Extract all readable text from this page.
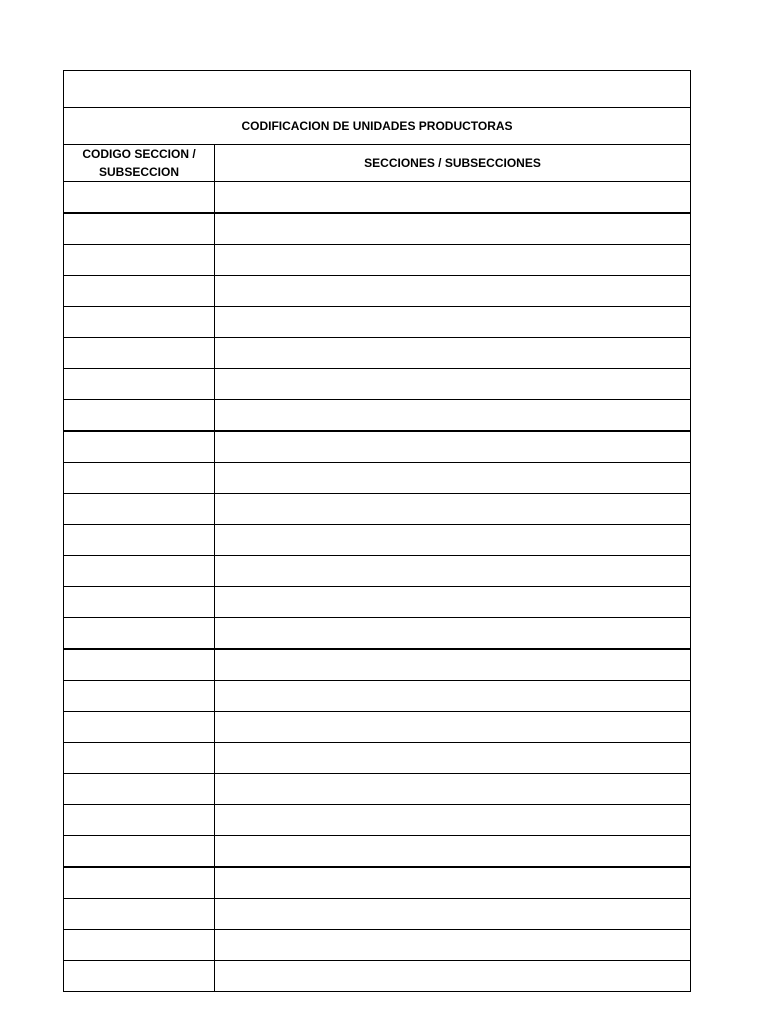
CODIFICACION DE UNIDADES PRODUCTORAS	
CODIGO SECCION / SUBSECCION	SECCIONES / SUBSECCIONES
